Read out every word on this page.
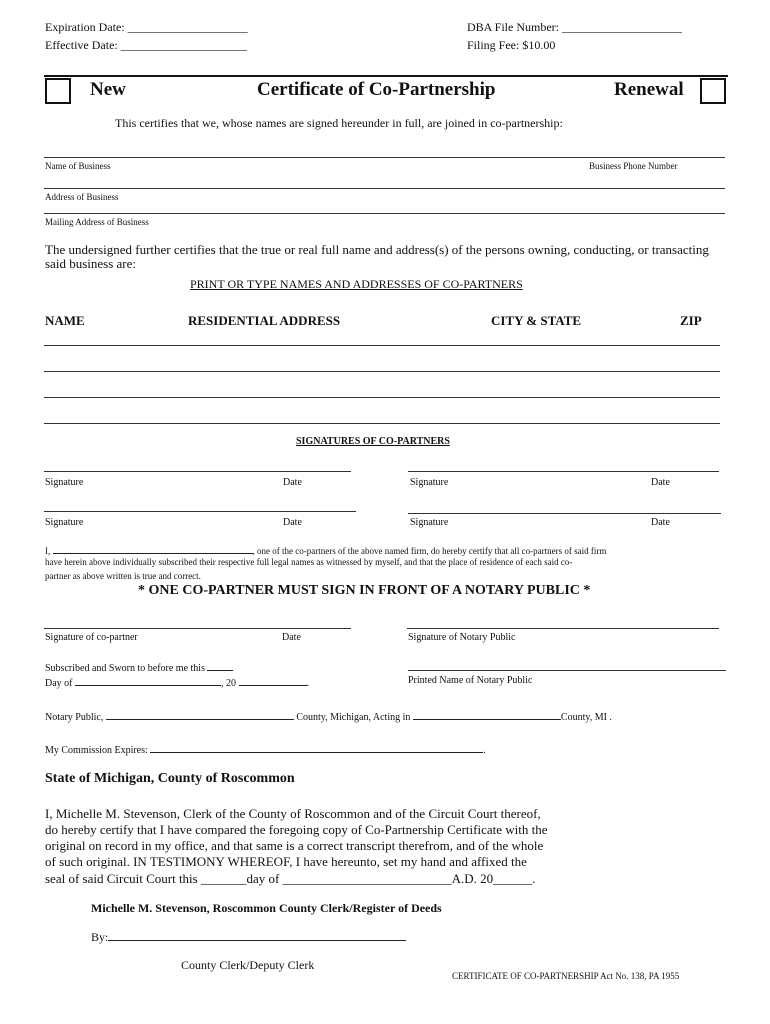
Expiration Date: ____________________
Effective Date: _____________________
DBA File Number: ____________________
Filing Fee: $10.00
New	Certificate of Co-Partnership	Renewal
This certifies that we, whose names are signed hereunder in full, are joined in co-partnership:
Name of Business	Business Phone Number
Address of Business
Mailing Address of Business
The undersigned further certifies that the true or real full name and address(s) of the persons owning, conducting, or transacting said business are:
PRINT OR TYPE NAMES AND ADDRESSES OF CO-PARTNERS
NAME	RESIDENTIAL ADDRESS	CITY & STATE	ZIP
SIGNATURES OF CO-PARTNERS
Signature	Date	Signature	Date
Signature	Date	Signature	Date
I,	, one of the co-partners of the above named firm, do hereby certify that all co-partners of said firm
have herein above individually subscribed their respective full legal names as witnessed by myself, and that the place of residence of each said co-
partner as above written is true and correct.
* ONE CO-PARTNER MUST SIGN IN FRONT OF A NOTARY PUBLIC *
Signature of co-partner	Date	Signature of Notary Public
Subscribed and Sworn to before me this
Day of	, 20	.	Printed Name of Notary Public
Notary Public,	County, Michigan, Acting in	County, MI .
My Commission Expires:	.
State of Michigan, County of Roscommon
I, Michelle M. Stevenson, Clerk of the County of Roscommon and of the Circuit Court thereof,
do hereby certify that I have compared the foregoing copy of Co-Partnership Certificate with the
original on record in my office, and that same is a correct transcript therefrom, and of the whole
of such original. IN TESTIMONY WHEREOF, I have hereunto, set my hand and affixed the
seal of said Circuit Court this _______day of __________________________A.D. 20______.
Michelle M. Stevenson, Roscommon County Clerk/Register of Deeds
By:
County Clerk/Deputy Clerk
CERTIFICATE OF CO-PARTNERSHIP Act No. 138, PA 1955
